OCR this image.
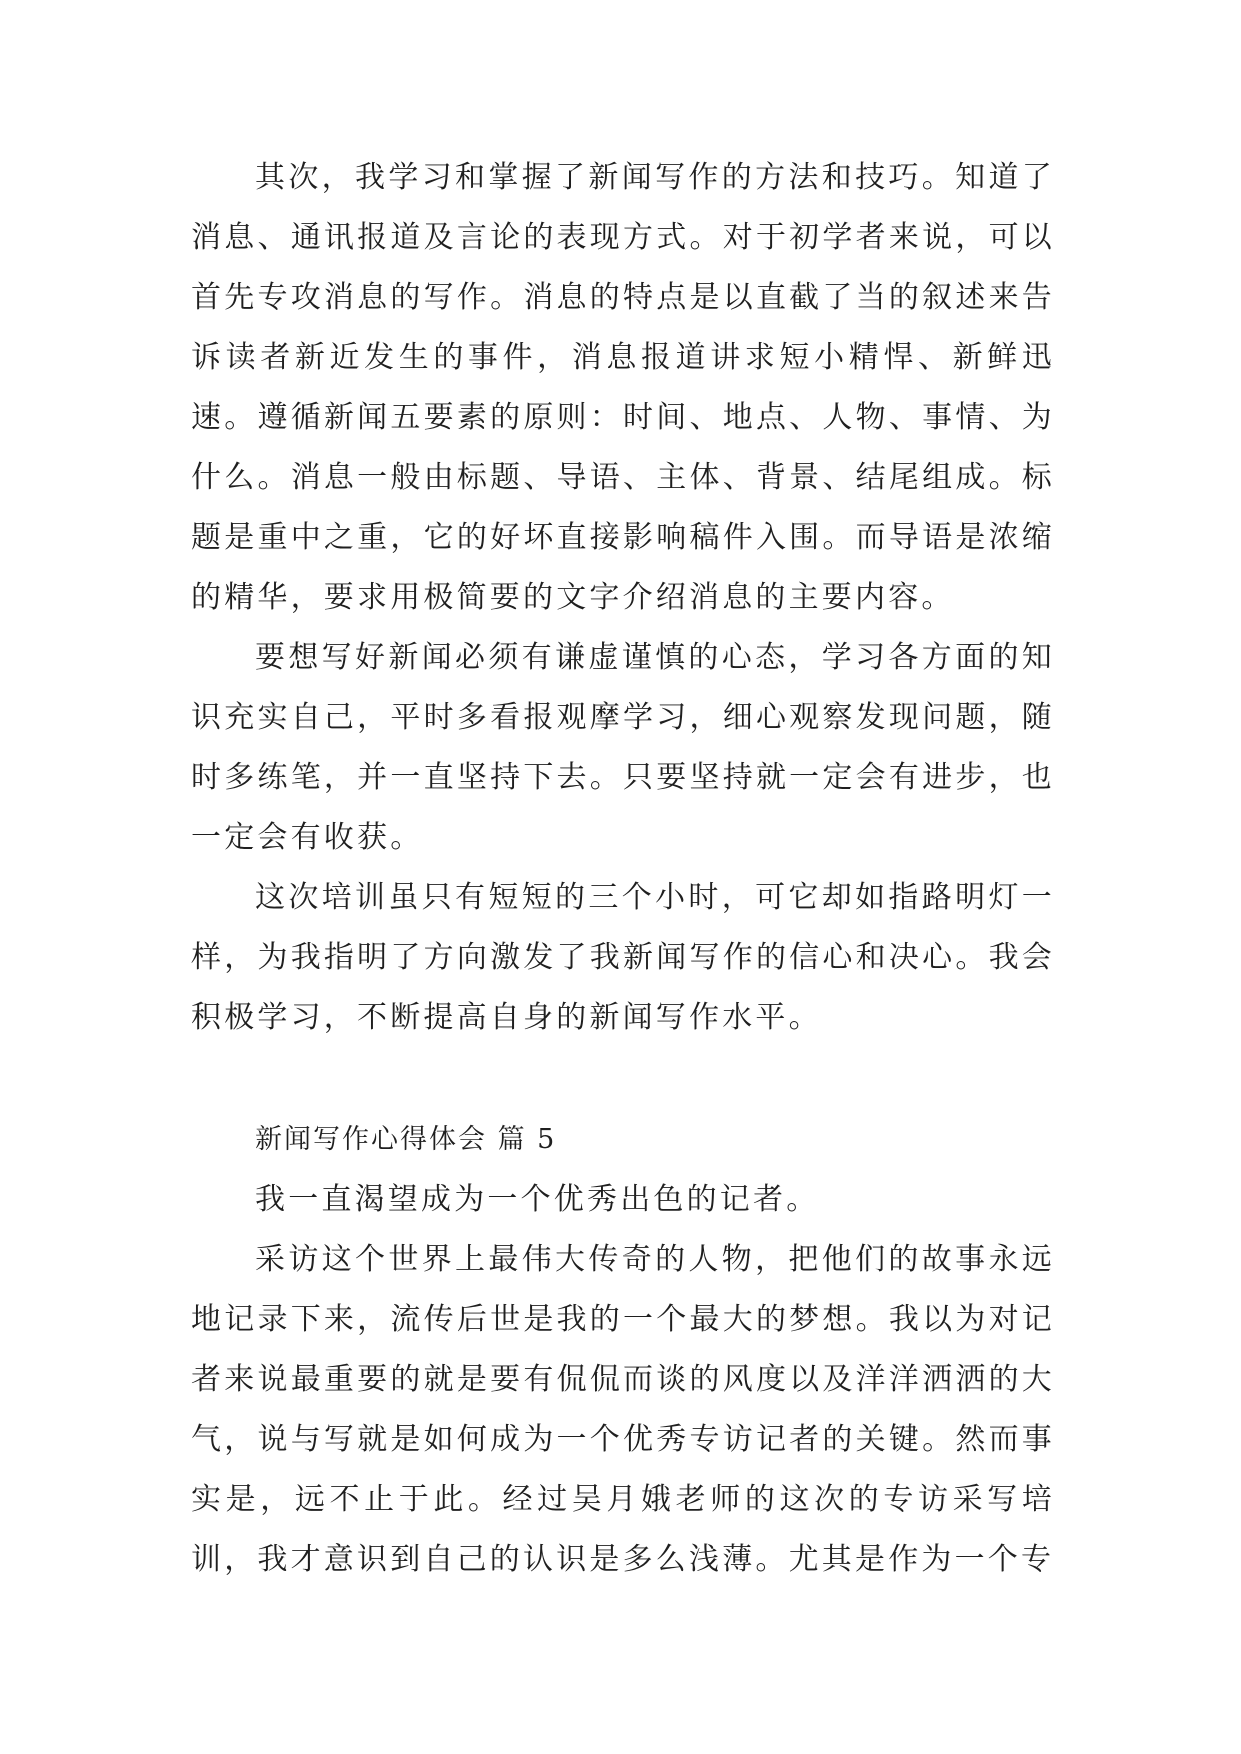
其次，我学习和掌握了新闻写作的方法和技巧。知道了消息、通讯报道及言论的表现方式。对于初学者来说，可以首先专攻消息的写作。消息的特点是以直截了当的叙述来告诉读者新近发生的事件，消息报道讲求短小精悍、新鲜迅速。遵循新闻五要素的原则：时间、地点、人物、事情、为什么。消息一般由标题、导语、主体、背景、结尾组成。标题是重中之重，它的好坏直接影响稿件入围。而导语是浓缩的精华，要求用极简要的文字介绍消息的主要内容。

要想写好新闻必须有谦虚谨慎的心态，学习各方面的知识充实自己，平时多看报观摩学习，细心观察发现问题，随时多练笔，并一直坚持下去。只要坚持就一定会有进步，也一定会有收获。

这次培训虽只有短短的三个小时，可它却如指路明灯一样，为我指明了方向激发了我新闻写作的信心和决心。我会积极学习，不断提高自身的新闻写作水平。

新闻写作心得体会 篇 5

我一直渴望成为一个优秀出色的记者。

采访这个世界上最伟大传奇的人物，把他们的故事永远地记录下来，流传后世是我的一个最大的梦想。我以为对记者来说最重要的就是要有侃侃而谈的风度以及洋洋洒洒的大气，说与写就是如何成为一个优秀专访记者的关键。然而事实是，远不止于此。经过吴月娥老师的这次的专访采写培训，我才意识到自己的认识是多么浅薄。尤其是作为一个专
